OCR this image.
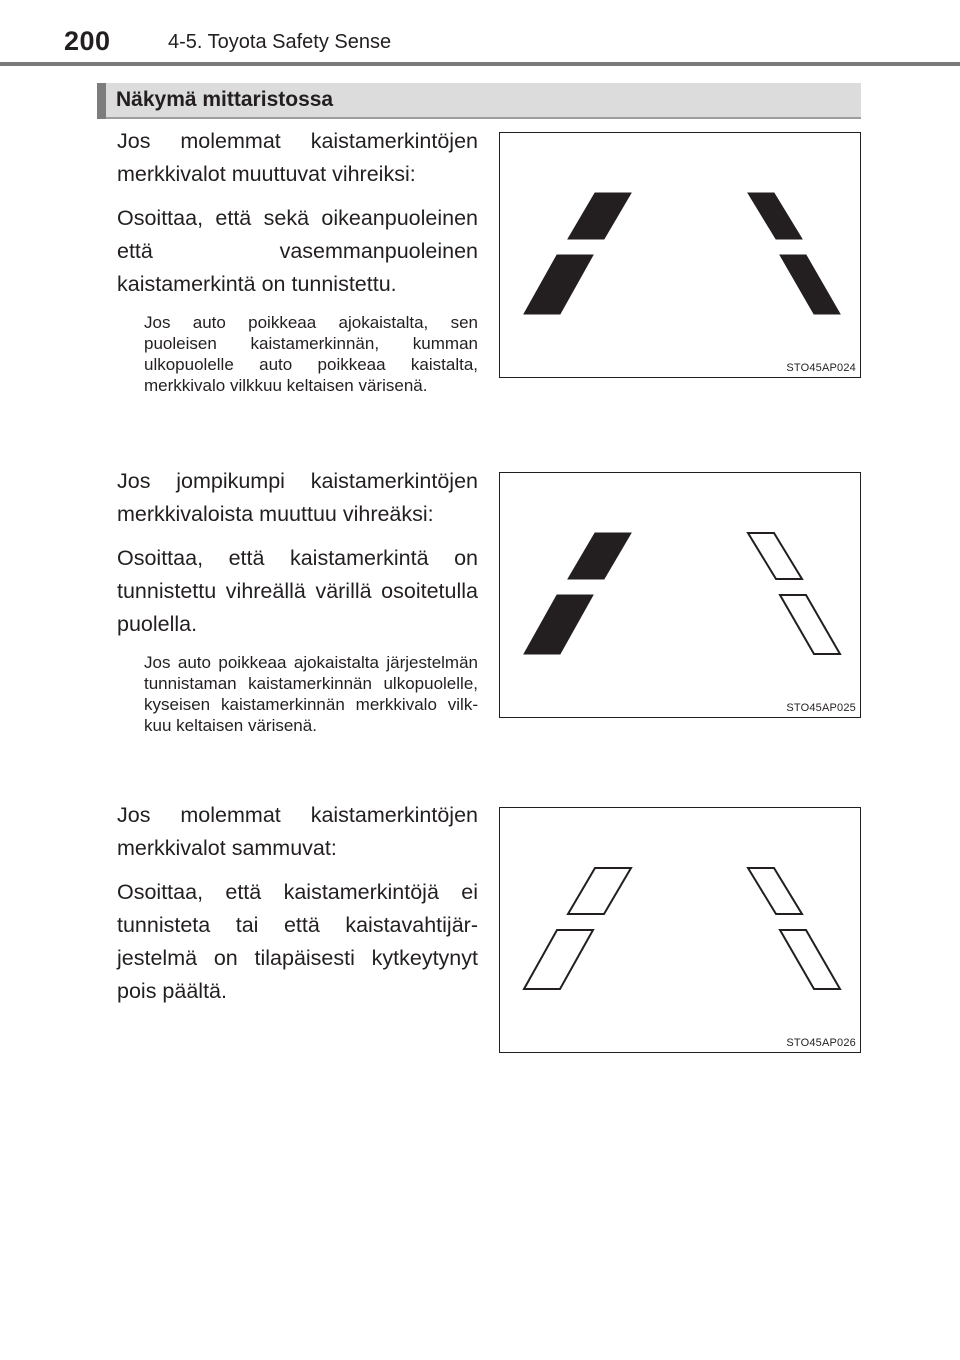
200	4-5. Toyota Safety Sense
Näkymä mittaristossa

Jos molemmat kaistamerkintöjen merkkivalot muuttuvat vihreiksi:

Osoittaa, että sekä oikeanpuoleinen että vasemmanpuoleinen kaistamerkintä on tunnistettu.

Jos auto poikkeaa ajokaistalta, sen puoleisen kaistamerkinnän, kumman ulkopuolelle auto poikkeaa kaistalta, merkkivalo vilkkuu keltaisen värisenä.

STO45AP024

Jos jompikumpi kaistamerkintöjen merkkivaloista muuttuu vihreäksi:

Osoittaa, että kaistamerkintä on tunnistettu vihreällä värillä osoitetulla puolella.

Jos auto poikkeaa ajokaistalta järjestelmän tunnistaman kaistamerkinnän ulkopuolelle, kyseisen kaistamerkinnän merkkivalo vilkkuu keltaisen värisenä.

STO45AP025

Jos molemmat kaistamerkintöjen merkkivalot sammuvat:

Osoittaa, että kaistamerkintöjä ei tunnisteta tai että kaistavahtijärjestelmä on tilapäisesti kytkeytynyt pois päältä.

STO45AP026
